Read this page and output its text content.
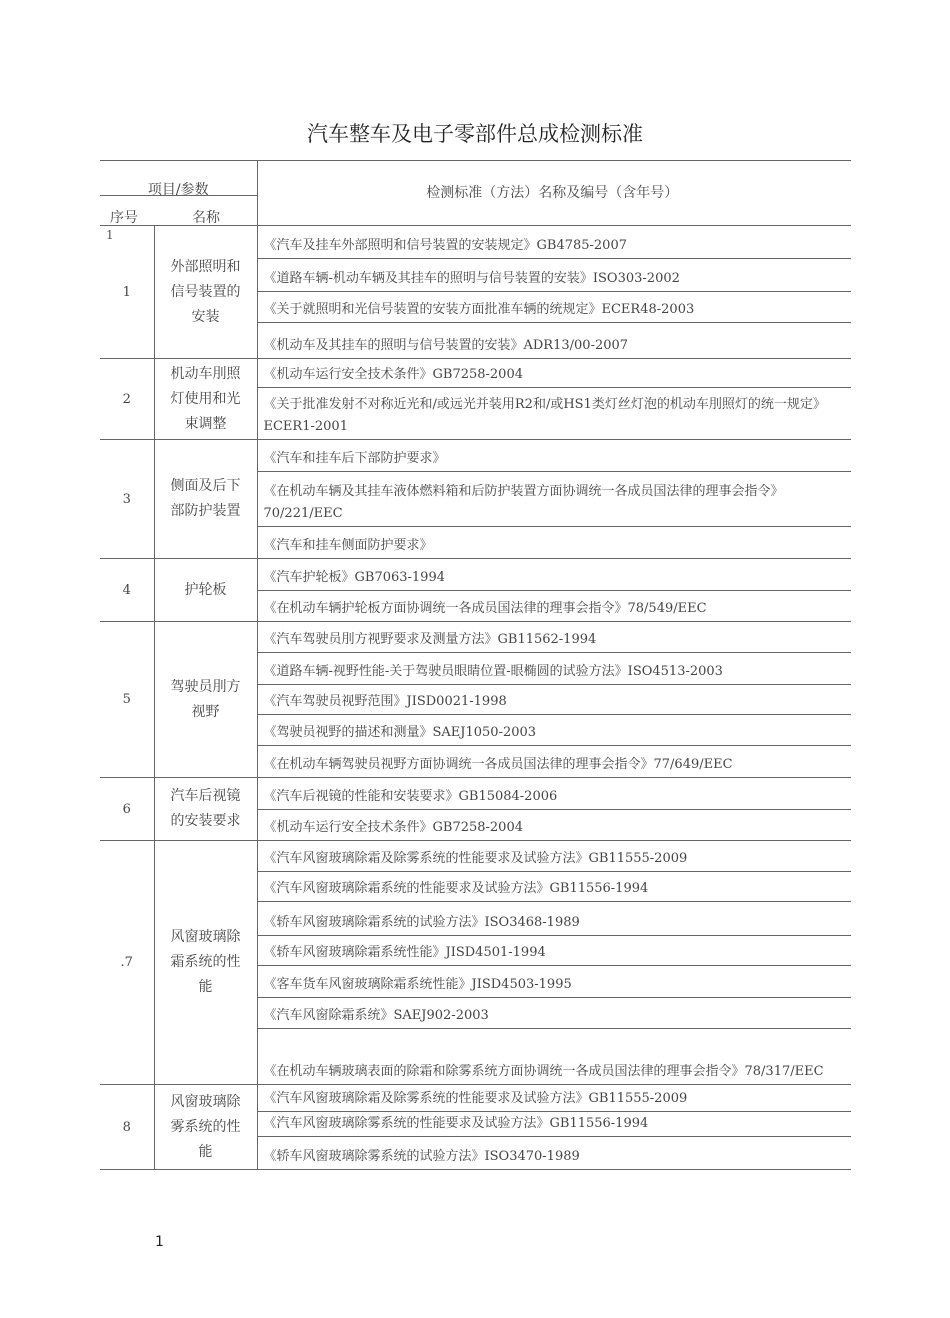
汽车整车及电子零部件总成检测标准
项目/参数
序号 名称		检测标准（方法）名称及编号（含年号）
1
1	外部照明和信号装置的安装	《汽车及挂车外部照明和信号装置的安装规定》GB4785-2007
		《道路车辆-机动车辆及其挂车的照明与信号装置的安装》ISO303-2002
		《关于就照明和光信号装置的安装方面批准车辆的统规定》ECER48-2003
		《机动车及其挂车的照明与信号装置的安装》ADR13/00-2007
2	机动车刖照灯使用和光束调整	《机动车运行安全技术条件》GB7258-2004
		《关于批准发射不对称近光和/或远光并装用R2和/或HS1类灯丝灯泡的机动车刖照灯的统一规定》ECER1-2001
3	侧面及后下部防护装置	《汽车和挂车后下部防护要求》
		《在机动车辆及其挂车液体燃料箱和后防护装置方面协调统一各成员国法律的理事会指令》70/221/EEC
		《汽车和挂车侧面防护要求》
4	护轮板	《汽车护轮板》GB7063-1994
		《在机动车辆护轮板方面协调统一各成员国法律的理事会指令》78/549/EEC
5	驾驶员刖方视野	《汽车驾驶员刖方视野要求及测量方法》GB11562-1994
		《道路车辆-视野性能-关于驾驶员眼睛位置-眼椭圆的试验方法》ISO4513-2003
		《汽车驾驶员视野范围》JISD0021-1998
		《驾驶员视野的描述和测量》SAEJ1050-2003
		《在机动车辆驾驶员视野方面协调统一各成员国法律的理事会指令》77/649/EEC
6	汽车后视镜的安装要求	《汽车后视镜的性能和安装要求》GB15084-2006
		《机动车运行安全技术条件》GB7258-2004
.7	风窗玻璃除霜系统的性能	《汽车风窗玻璃除霜及除雾系统的性能要求及试验方法》GB11555-2009
		《汽车风窗玻璃除霜系统的性能要求及试验方法》GB11556-1994
		《轿车风窗玻璃除霜系统的试验方法》ISO3468-1989
		《轿车风窗玻璃除霜系统性能》JISD4501-1994
		《客车货车风窗玻璃除霜系统性能》JISD4503-1995
		《汽车风窗除霜系统》SAEJ902-2003
		《在机动车辆玻璃表面的除霜和除雾系统方面协调统一各成员国法律的理事会指令》78/317/EEC
8	风窗玻璃除雾系统的性能	《汽车风窗玻璃除霜及除雾系统的性能要求及试验方法》GB11555-2009
		《汽车风窗玻璃除雾系统的性能要求及试验方法》GB11556-1994
		《轿车风窗玻璃除雾系统的试验方法》ISO3470-1989
1
